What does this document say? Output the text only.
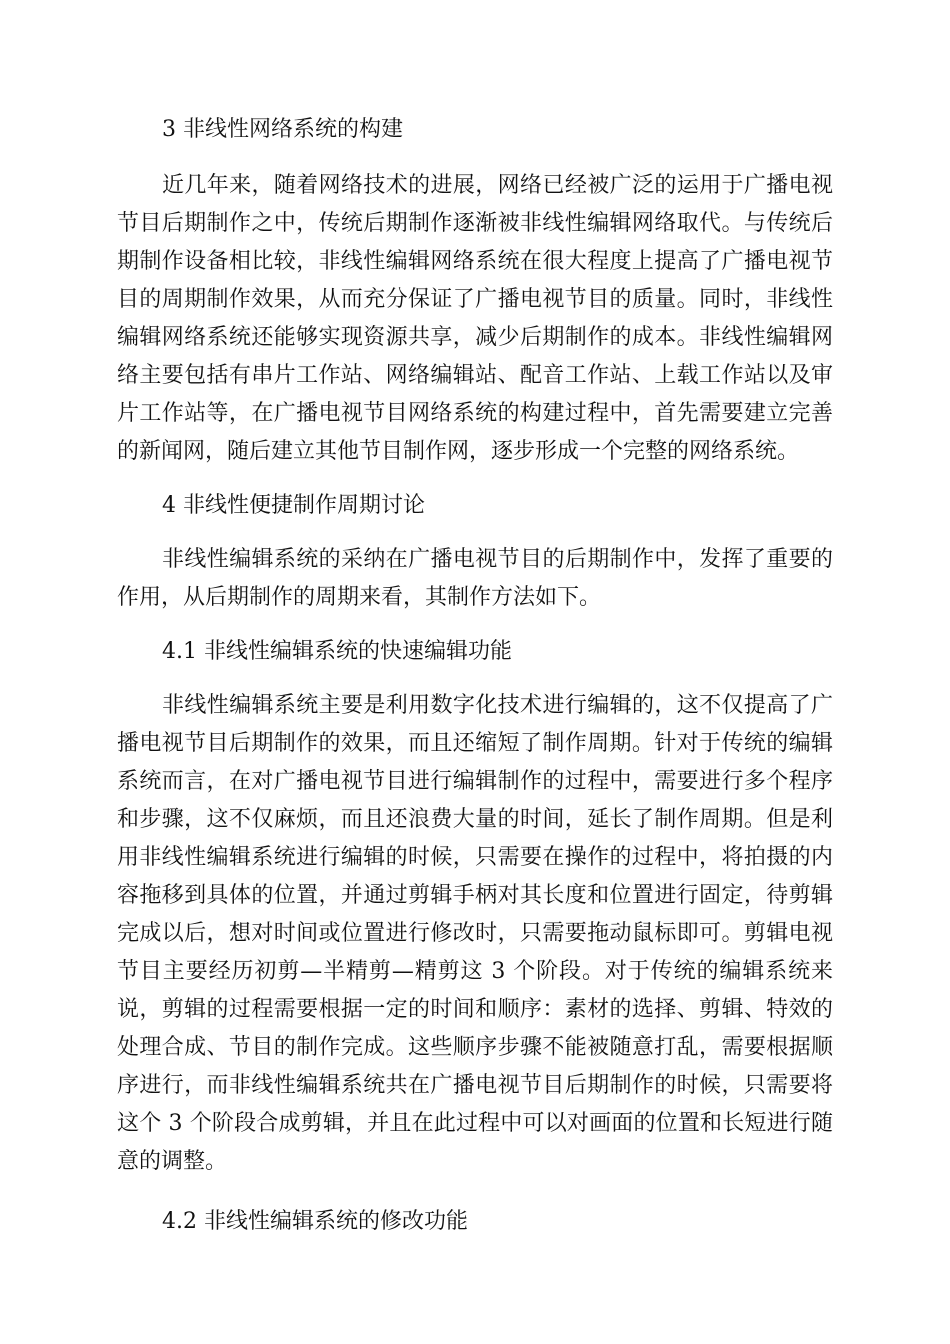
3 非线性网络系统的构建
近几年来，随着网络技术的进展，网络已经被广泛的运用于广播电视
节目后期制作之中，传统后期制作逐渐被非线性编辑网络取代。与传统后
期制作设备相比较，非线性编辑网络系统在很大程度上提高了广播电视节
目的周期制作效果，从而充分保证了广播电视节目的质量。同时，非线性
编辑网络系统还能够实现资源共享，减少后期制作的成本。非线性编辑网
络主要包括有串片工作站、网络编辑站、配音工作站、上载工作站以及审
片工作站等，在广播电视节目网络系统的构建过程中，首先需要建立完善
的新闻网，随后建立其他节目制作网，逐步形成一个完整的网络系统。
4 非线性便捷制作周期讨论
非线性编辑系统的采纳在广播电视节目的后期制作中，发挥了重要的
作用，从后期制作的周期来看，其制作方法如下。
4.1 非线性编辑系统的快速编辑功能
非线性编辑系统主要是利用数字化技术进行编辑的，这不仅提高了广
播电视节目后期制作的效果，而且还缩短了制作周期。针对于传统的编辑
系统而言，在对广播电视节目进行编辑制作的过程中，需要进行多个程序
和步骤，这不仅麻烦，而且还浪费大量的时间，延长了制作周期。但是利
用非线性编辑系统进行编辑的时候，只需要在操作的过程中，将拍摄的内
容拖移到具体的位置，并通过剪辑手柄对其长度和位置进行固定，待剪辑
完成以后，想对时间或位置进行修改时，只需要拖动鼠标即可。剪辑电视
节目主要经历初剪—半精剪—精剪这 3 个阶段。对于传统的编辑系统来
说，剪辑的过程需要根据一定的时间和顺序：素材的选择、剪辑、特效的
处理合成、节目的制作完成。这些顺序步骤不能被随意打乱，需要根据顺
序进行，而非线性编辑系统共在广播电视节目后期制作的时候，只需要将
这个 3 个阶段合成剪辑，并且在此过程中可以对画面的位置和长短进行随
意的调整。
4.2 非线性编辑系统的修改功能
